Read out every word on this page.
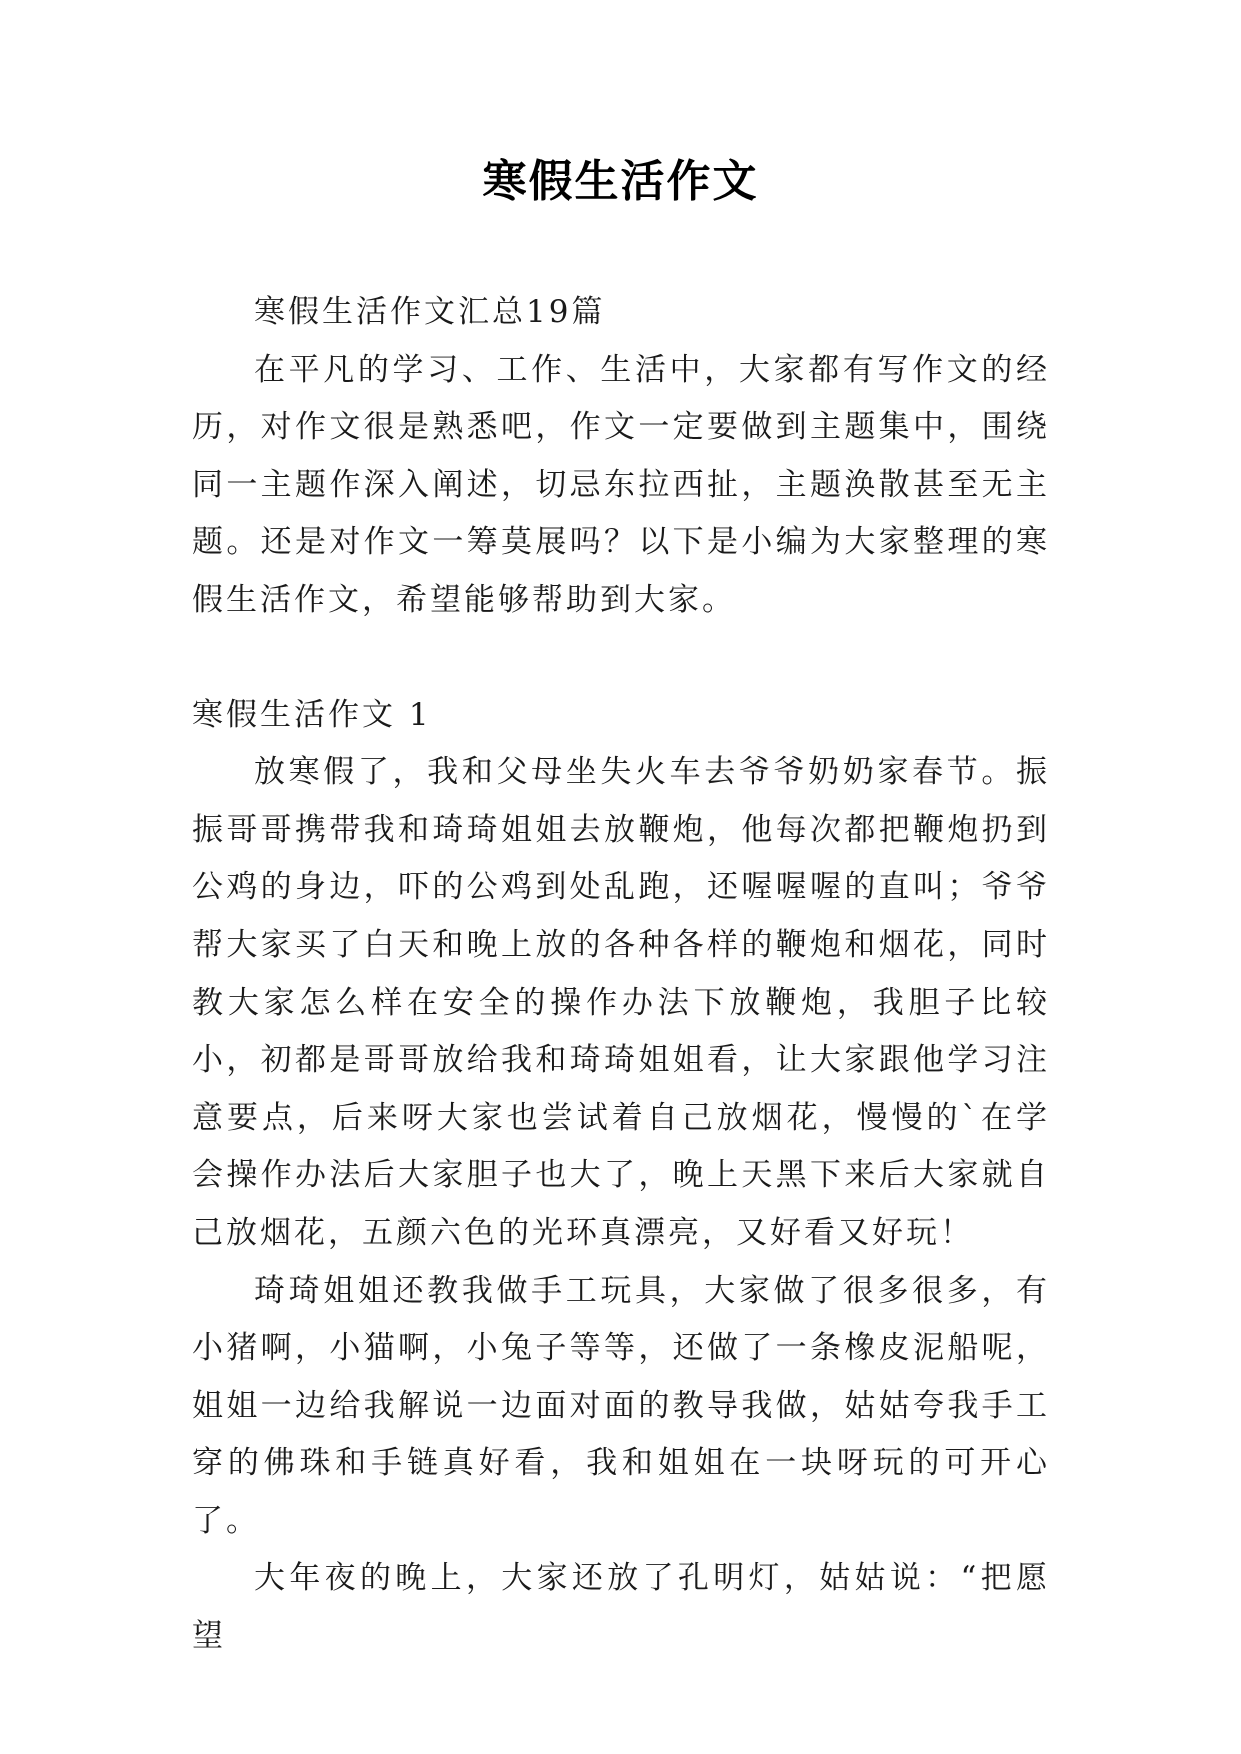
寒假生活作文

寒假生活作文汇总19篇

在平凡的学习、工作、生活中，大家都有写作文的经历，对作文很是熟悉吧，作文一定要做到主题集中，围绕同一主题作深入阐述，切忌东拉西扯，主题涣散甚至无主题。还是对作文一筹莫展吗？以下是小编为大家整理的寒假生活作文，希望能够帮助到大家。

寒假生活作文 1

放寒假了，我和父母坐失火车去爷爷奶奶家春节。振振哥哥携带我和琦琦姐姐去放鞭炮，他每次都把鞭炮扔到公鸡的身边，吓的公鸡到处乱跑，还喔喔喔的直叫；爷爷帮大家买了白天和晚上放的各种各样的鞭炮和烟花，同时教大家怎么样在安全的操作办法下放鞭炮，我胆子比较小，初都是哥哥放给我和琦琦姐姐看，让大家跟他学习注意要点，后来呀大家也尝试着自己放烟花，慢慢的`在学会操作办法后大家胆子也大了，晚上天黑下来后大家就自己放烟花，五颜六色的光环真漂亮，又好看又好玩！

琦琦姐姐还教我做手工玩具，大家做了很多很多，有小猪啊，小猫啊，小兔子等等，还做了一条橡皮泥船呢，姐姐一边给我解说一边面对面的教导我做，姑姑夸我手工穿的佛珠和手链真好看，我和姐姐在一块呀玩的可开心了。

大年夜的晚上，大家还放了孔明灯，姑姑说：“把愿望
